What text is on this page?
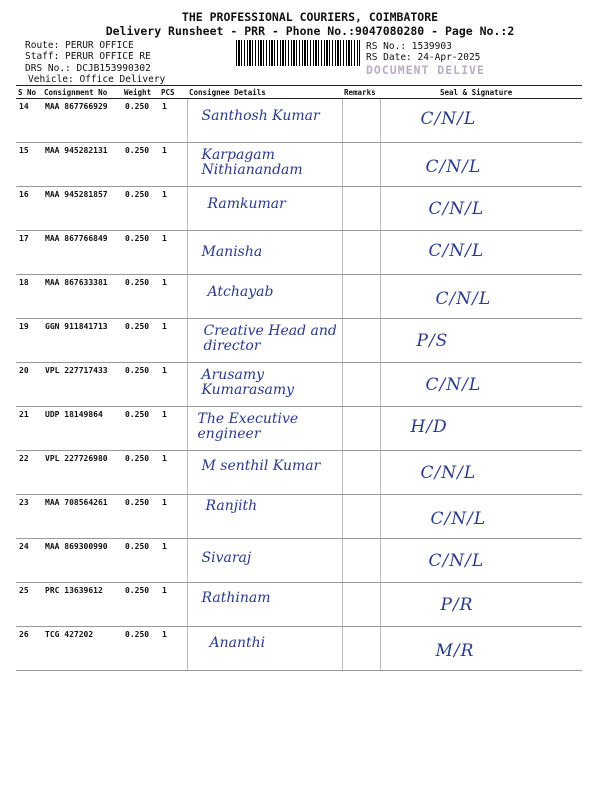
THE PROFESSIONAL COURIERS, COIMBATORE
Delivery Runsheet - PRR - Phone No.:9047080280 - Page No.:2
Route: PERUR OFFICE
Staff: PERUR OFFICE RE
DRS No.: DCJB153990302
Vehicle: Office Delivery
RS No.: 1539903
RS Date: 24-Apr-2025
DOCUMENT DELIVE
S No	Consignment No	Weight	PCS	Consignee Details	Remarks	Seal & Signature
14	MAA 867766929	0.250	1	Santhosh Kumar		C/N/L

15	MAA 945282131	0.250	1	Karpagam Nithianandam		C/N/L

16	MAA 945281857	0.250	1	Ramkumar		C/N/L

17	MAA 867766849	0.250	1	Manisha		C/N/L

18	MAA 867633381	0.250	1	Atchayab		C/N/L

19	GGN 911841713	0.250	1	Creative Head and director		P/S

20	VPL 227717433	0.250	1	Arusamy Kumarasamy		C/N/L

21	UDP 18149864	0.250	1	The Executive engineer		H/D

22	VPL 227726980	0.250	1	M senthil Kumar		C/N/L

23	MAA 708564261	0.250	1	Ranjith		C/N/L

24	MAA 869300990	0.250	1	Sivaraj		C/N/L

25	PRC 13639612	0.250	1	Rathinam		P/R

26	TCG 427202	0.250	1	Ananthi		M/R
